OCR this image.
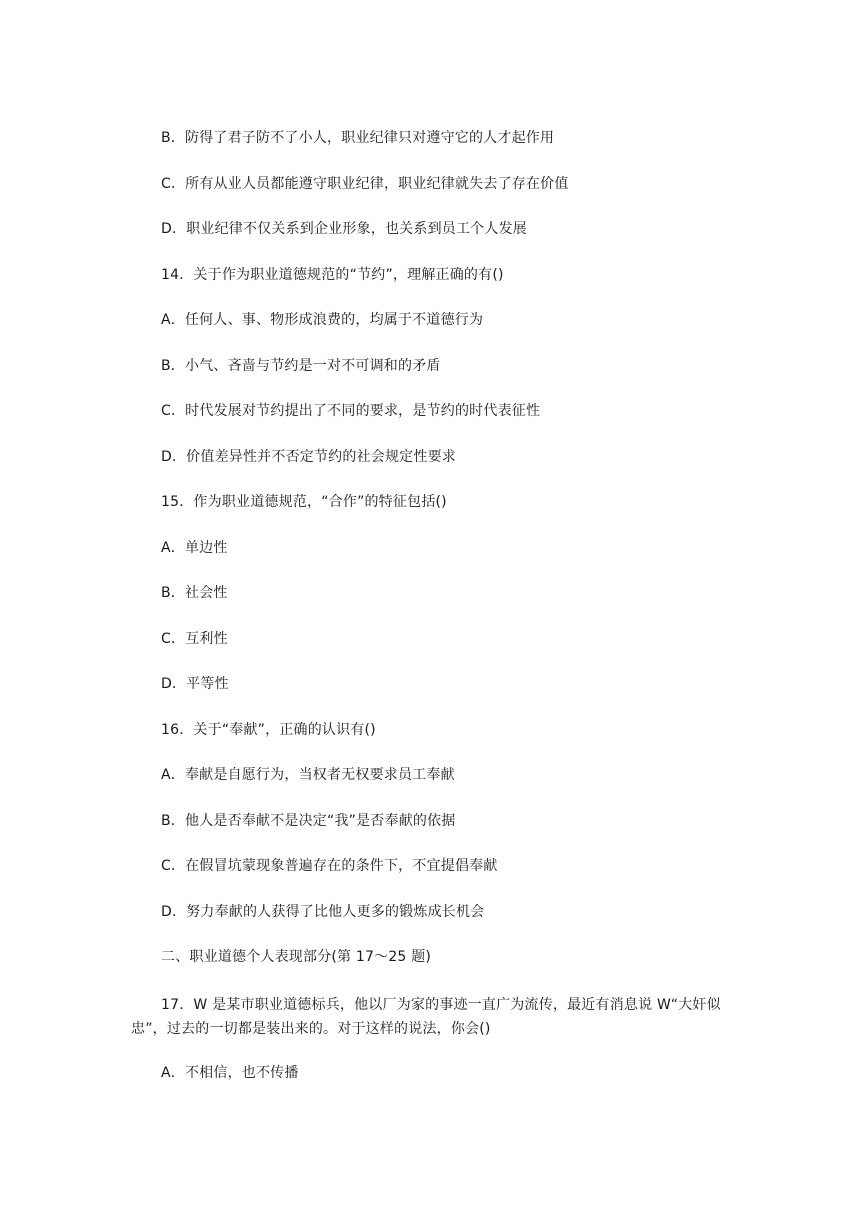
B．防得了君子防不了小人，职业纪律只对遵守它的人才起作用
C．所有从业人员都能遵守职业纪律，职业纪律就失去了存在价值
D．职业纪律不仅关系到企业形象，也关系到员工个人发展
14．关于作为职业道德规范的“节约”，理解正确的有()
A．任何人、事、物形成浪费的，均属于不道德行为
B．小气、吝啬与节约是一对不可调和的矛盾
C．时代发展对节约提出了不同的要求，是节约的时代表征性
D．价值差异性并不否定节约的社会规定性要求
15．作为职业道德规范，“合作”的特征包括()
A．单边性
B．社会性
C．互利性
D．平等性
16．关于“奉献”，正确的认识有()
A．奉献是自愿行为，当权者无权要求员工奉献
B．他人是否奉献不是决定“我”是否奉献的依据
C．在假冒坑蒙现象普遍存在的条件下，不宜提倡奉献
D．努力奉献的人获得了比他人更多的锻炼成长机会
二、职业道德个人表现部分(第 17～25 题)
17．W 是某市职业道德标兵，他以厂为家的事迹一直广为流传，最近有消息说 W“大奸似忠”，过去的一切都是装出来的。对于这样的说法，你会()
A．不相信，也不传播
